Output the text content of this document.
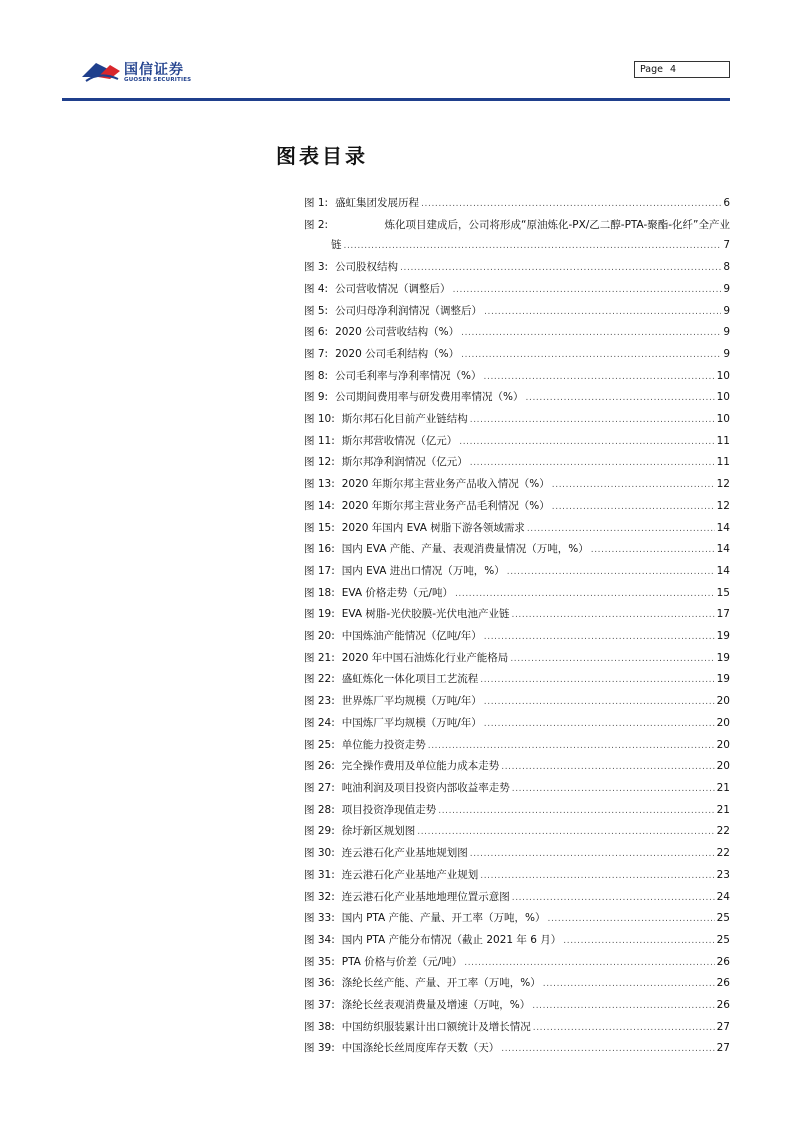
国信证券
GUOSEN SECURITIES
Page 4
图表目录
图 1: 盛虹集团发展历程 .....	6
图 2:	炼化项目建成后，公司将形成“原油炼化-PX/乙二醇-PTA-聚酯-化纤”全产业
链 .....	7
图 3: 公司股权结构 .....	8
图 4: 公司营收情况（调整后） .....	9
图 5: 公司归母净利润情况（调整后） .....	9
图 6: 2020 公司营收结构（%） .....	9
图 7: 2020 公司毛利结构（%） .....	9
图 8: 公司毛利率与净利率情况（%） .....	10
图 9: 公司期间费用率与研发费用率情况（%） .....	10
图 10: 斯尔邦石化目前产业链结构 .....	10
图 11: 斯尔邦营收情况（亿元） .....	11
图 12: 斯尔邦净利润情况（亿元） .....	11
图 13: 2020 年斯尔邦主营业务产品收入情况（%） .....	12
图 14: 2020 年斯尔邦主营业务产品毛利情况（%） .....	12
图 15: 2020 年国内 EVA 树脂下游各领域需求 .....	14
图 16: 国内 EVA 产能、产量、表观消费量情况（万吨，%） .....	14
图 17: 国内 EVA 进出口情况（万吨，%） .....	14
图 18: EVA 价格走势（元/吨） .....	15
图 19: EVA 树脂-光伏胶膜-光伏电池产业链 .....	17
图 20: 中国炼油产能情况（亿吨/年） .....	19
图 21: 2020 年中国石油炼化行业产能格局 .....	19
图 22: 盛虹炼化一体化项目工艺流程 .....	19
图 23: 世界炼厂平均规模（万吨/年） .....	20
图 24: 中国炼厂平均规模（万吨/年） .....	20
图 25: 单位能力投资走势 .....	20
图 26: 完全操作费用及单位能力成本走势 .....	20
图 27: 吨油利润及项目投资内部收益率走势 .....	21
图 28: 项目投资净现值走势 .....	21
图 29: 徐圩新区规划图 .....	22
图 30: 连云港石化产业基地规划图 .....	22
图 31: 连云港石化产业基地产业规划 .....	23
图 32: 连云港石化产业基地地理位置示意图 .....	24
图 33: 国内 PTA 产能、产量、开工率（万吨，%） .....	25
图 34: 国内 PTA 产能分布情况（截止 2021 年 6 月） .....	25
图 35: PTA 价格与价差（元/吨） .....	26
图 36: 涤纶长丝产能、产量、开工率（万吨，%） .....	26
图 37: 涤纶长丝表观消费量及增速（万吨，%） .....	26
图 38: 中国纺织服装累计出口额统计及增长情况 .....	27
图 39: 中国涤纶长丝周度库存天数（天） .....	27
